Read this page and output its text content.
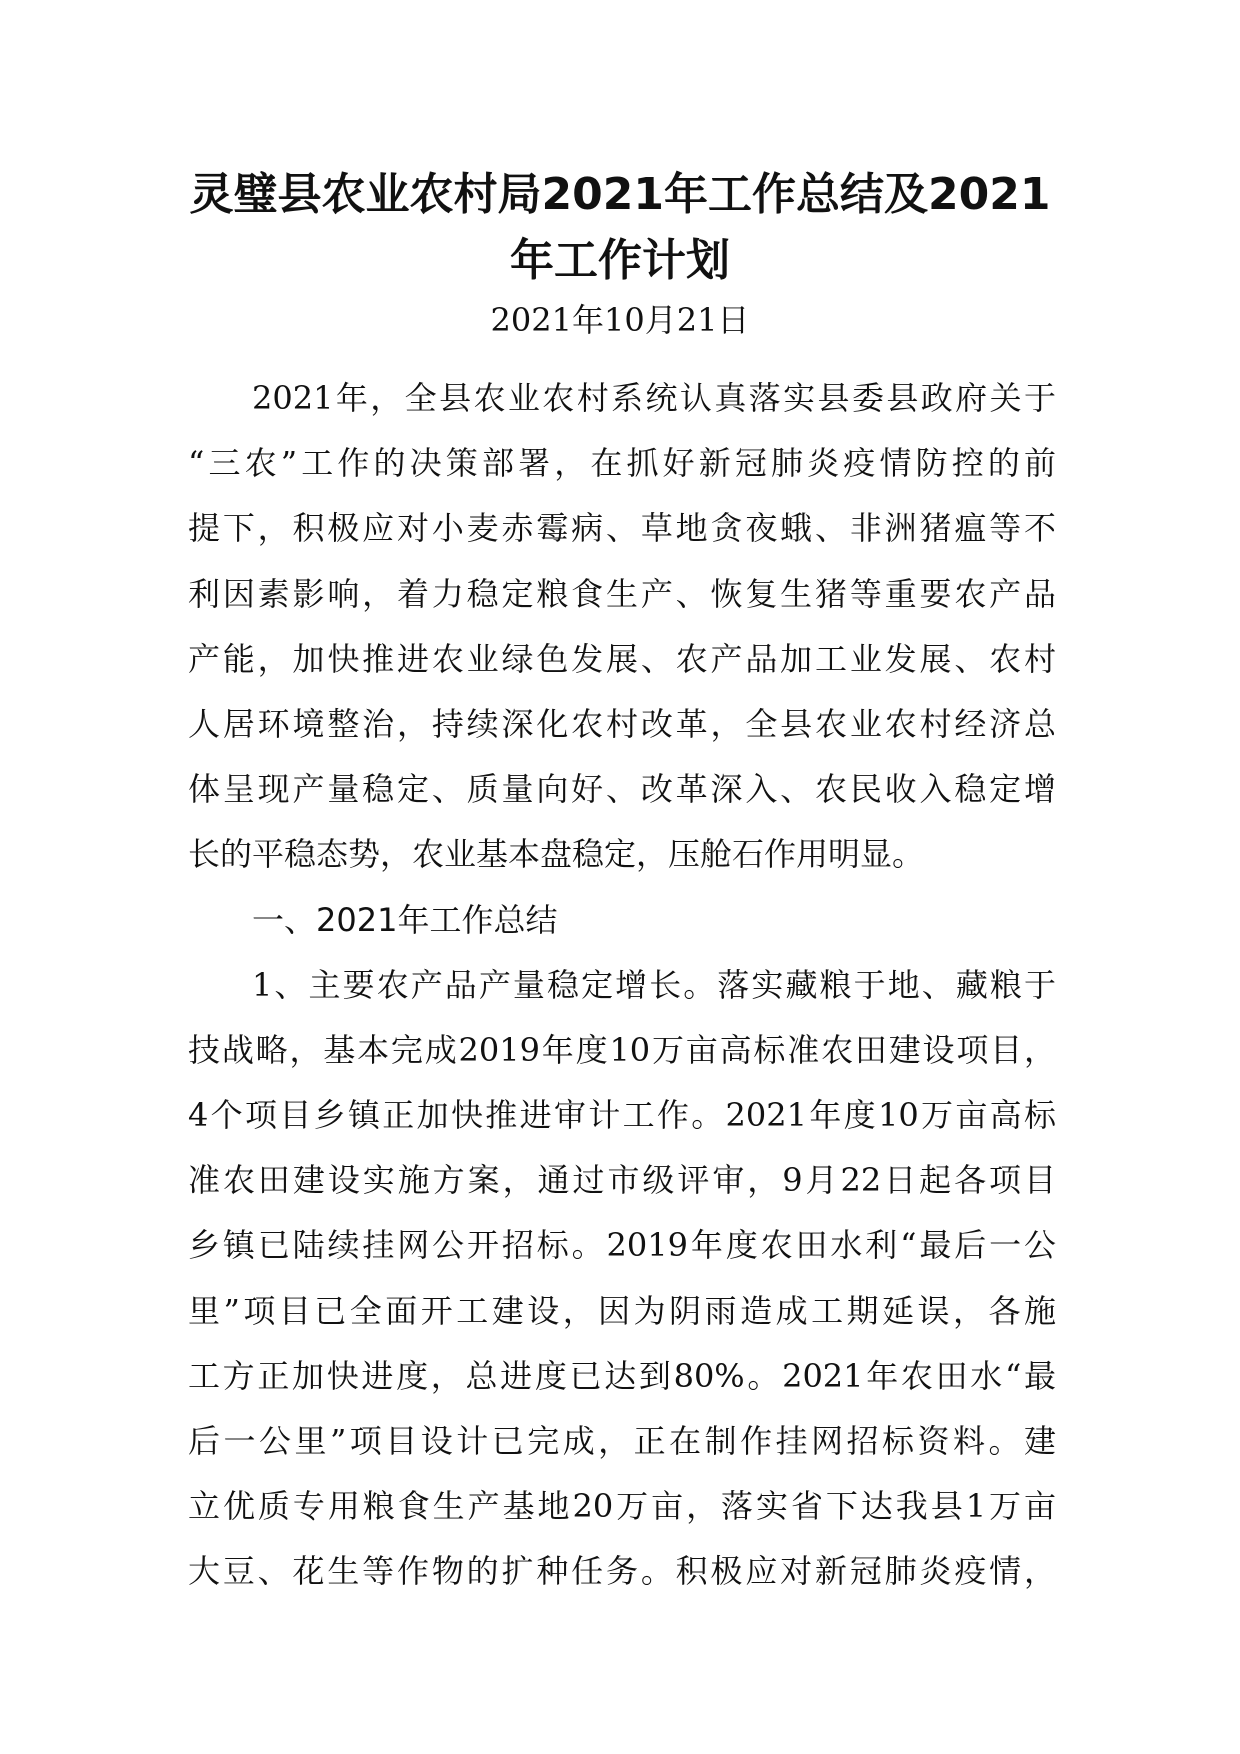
灵璧县农业农村局2021年工作总结及2021
年工作计划
2021年10月21日
2021年，全县农业农村系统认真落实县委县政府关于
“三农”工作的决策部署，在抓好新冠肺炎疫情防控的前
提下，积极应对小麦赤霉病、草地贪夜蛾、非洲猪瘟等不
利因素影响，着力稳定粮食生产、恢复生猪等重要农产品
产能，加快推进农业绿色发展、农产品加工业发展、农村
人居环境整治，持续深化农村改革，全县农业农村经济总
体呈现产量稳定、质量向好、改革深入、农民收入稳定增
长的平稳态势，农业基本盘稳定，压舱石作用明显。
一、2021年工作总结
1、主要农产品产量稳定增长。落实藏粮于地、藏粮于
技战略，基本完成2019年度10万亩高标准农田建设项目，
4个项目乡镇正加快推进审计工作。2021年度10万亩高标
准农田建设实施方案，通过市级评审，9月22日起各项目
乡镇已陆续挂网公开招标。2019年度农田水利“最后一公
里”项目已全面开工建设，因为阴雨造成工期延误，各施
工方正加快进度，总进度已达到80%。2021年农田水“最
后一公里”项目设计已完成，正在制作挂网招标资料。建
立优质专用粮食生产基地20万亩，落实省下达我县1万亩
大豆、花生等作物的扩种任务。积极应对新冠肺炎疫情，
